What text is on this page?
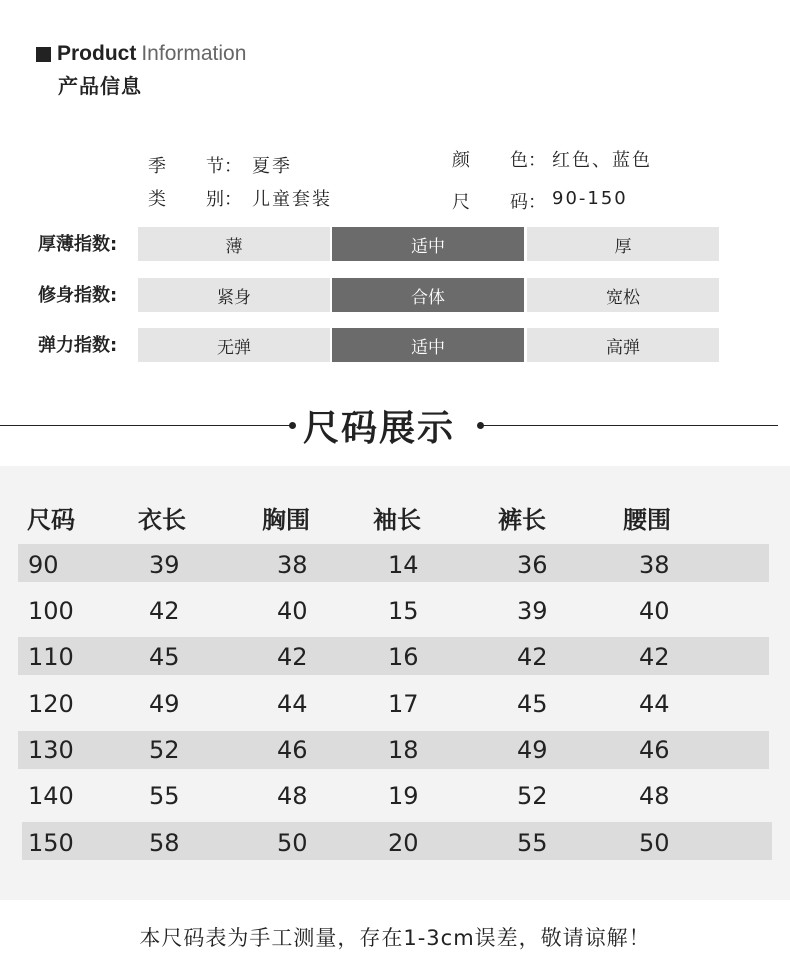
Product Information
产品信息
季 节： 夏季
类 别： 儿童套装
颜 色： 红色、蓝色
尺 码： 90-150
厚薄指数:	薄	适中	厚
修身指数:	紧身	合体	宽松
弹力指数:	无弹	适中	高弹
尺码展示
尺码	衣长	胸围	袖长	裤长	腰围
90	39	38	14	36	38
100	42	40	15	39	40
110	45	42	16	42	42
120	49	44	17	45	44
130	52	46	18	49	46
140	55	48	19	52	48
150	58	50	20	55	50
本尺码表为手工测量，存在1-3cm误差，敬请谅解！
